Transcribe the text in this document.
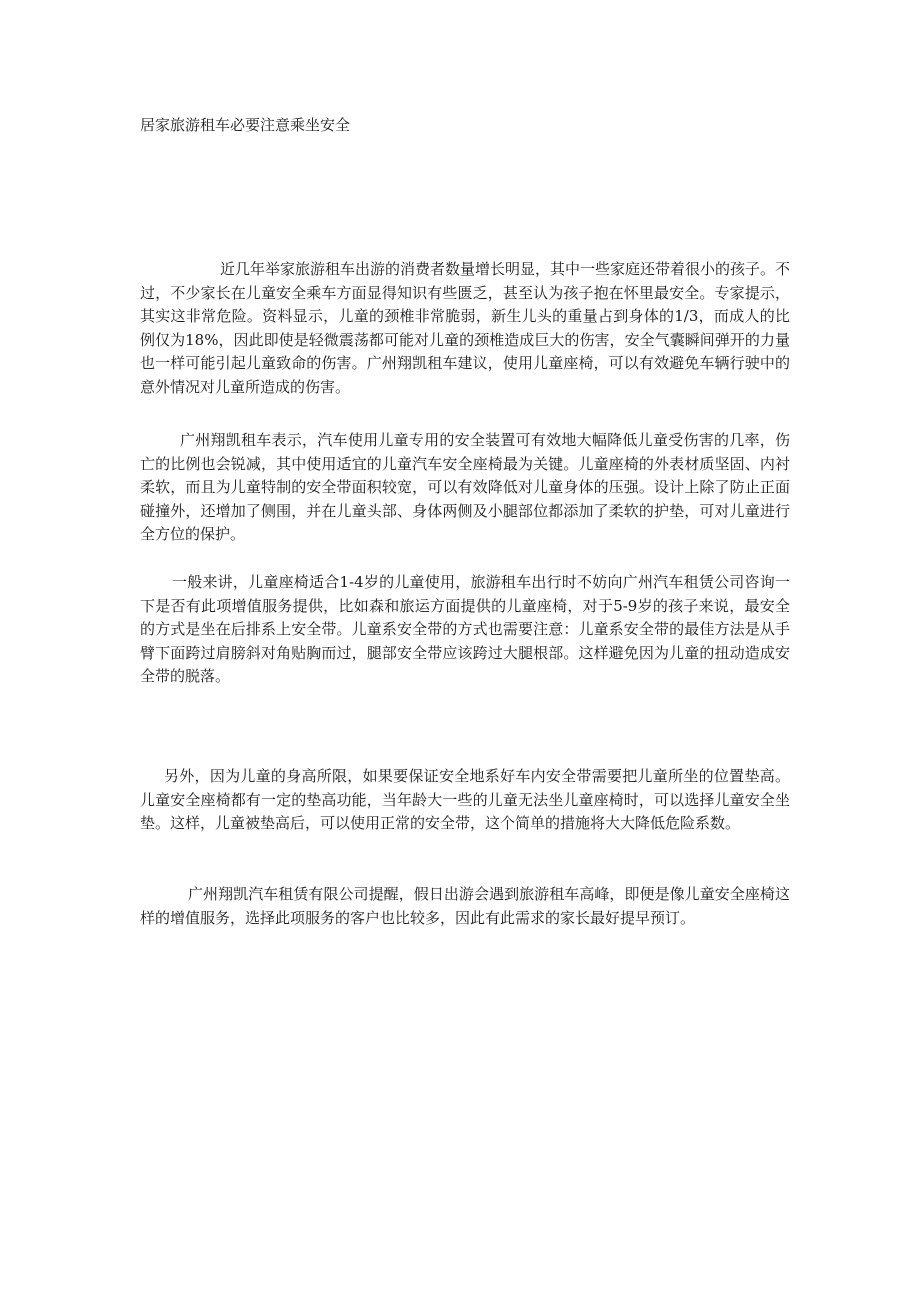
居家旅游租车必要注意乘坐安全

近几年举家旅游租车出游的消费者数量增长明显，其中一些家庭还带着很小的孩子。不过，不少家长在儿童安全乘车方面显得知识有些匮乏，甚至认为孩子抱在怀里最安全。专家提示，其实这非常危险。资料显示，儿童的颈椎非常脆弱，新生儿头的重量占到身体的1/3，而成人的比例仅为18%，因此即使是轻微震荡都可能对儿童的颈椎造成巨大的伤害，安全气囊瞬间弹开的力量也一样可能引起儿童致命的伤害。广州翔凯租车建议，使用儿童座椅，可以有效避免车辆行驶中的意外情况对儿童所造成的伤害。

广州翔凯租车表示，汽车使用儿童专用的安全装置可有效地大幅降低儿童受伤害的几率，伤亡的比例也会锐减，其中使用适宜的儿童汽车安全座椅最为关键。儿童座椅的外表材质坚固、内衬柔软，而且为儿童特制的安全带面积较宽，可以有效降低对儿童身体的压强。设计上除了防止正面碰撞外，还增加了侧围，并在儿童头部、身体两侧及小腿部位都添加了柔软的护垫，可对儿童进行全方位的保护。

一般来讲，儿童座椅适合1-4岁的儿童使用，旅游租车出行时不妨向广州汽车租赁公司咨询一下是否有此项增值服务提供，比如森和旅运方面提供的儿童座椅，对于5-9岁的孩子来说，最安全的方式是坐在后排系上安全带。儿童系安全带的方式也需要注意：儿童系安全带的最佳方法是从手臂下面跨过肩膀斜对角贴胸而过，腿部安全带应该跨过大腿根部。这样避免因为儿童的扭动造成安全带的脱落。

另外，因为儿童的身高所限，如果要保证安全地系好车内安全带需要把儿童所坐的位置垫高。儿童安全座椅都有一定的垫高功能，当年龄大一些的儿童无法坐儿童座椅时，可以选择儿童安全坐垫。这样，儿童被垫高后，可以使用正常的安全带，这个简单的措施将大大降低危险系数。

广州翔凯汽车租赁有限公司提醒，假日出游会遇到旅游租车高峰，即便是像儿童安全座椅这样的增值服务，选择此项服务的客户也比较多，因此有此需求的家长最好提早预订。
